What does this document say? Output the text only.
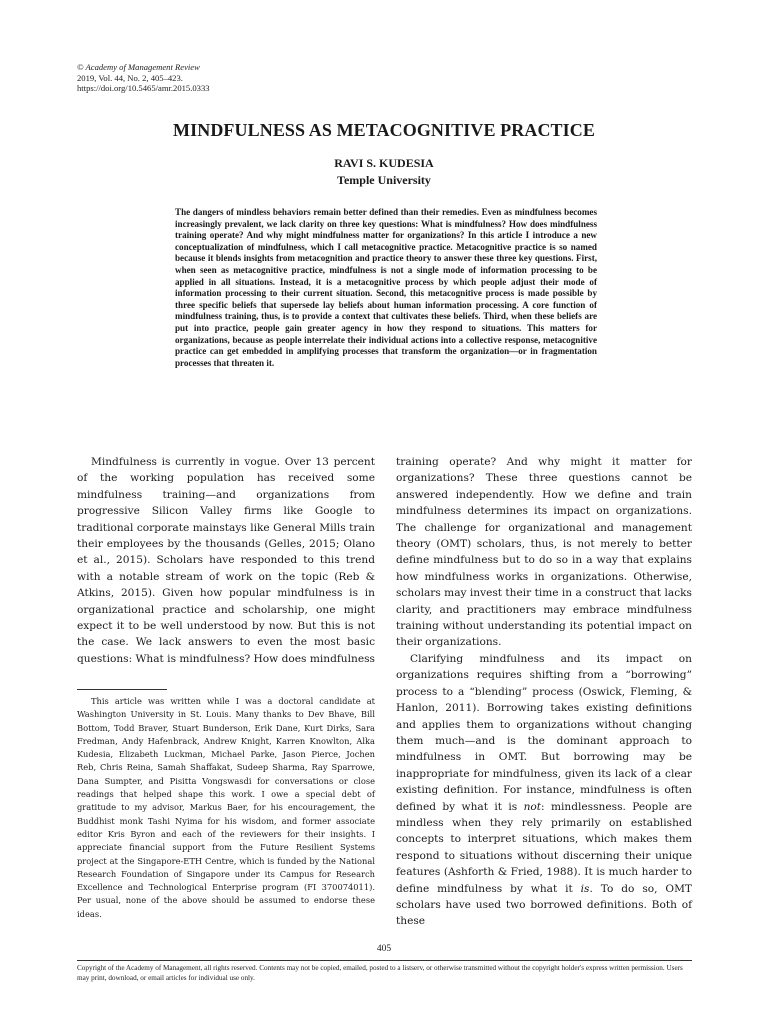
© Academy of Management Review
2019, Vol. 44, No. 2, 405–423.
https://doi.org/10.5465/amr.2015.0333
MINDFULNESS AS METACOGNITIVE PRACTICE
RAVI S. KUDESIA
Temple University
The dangers of mindless behaviors remain better defined than their remedies. Even as mindfulness becomes increasingly prevalent, we lack clarity on three key questions: What is mindfulness? How does mindfulness training operate? And why might mindfulness matter for organizations? In this article I introduce a new conceptualization of mindfulness, which I call metacognitive practice. Metacognitive practice is so named because it blends insights from metacognition and practice theory to answer these three key questions. First, when seen as metacognitive practice, mindfulness is not a single mode of information processing to be applied in all situations. Instead, it is a metacognitive process by which people adjust their mode of information processing to their current situation. Second, this metacognitive process is made possible by three specific beliefs that supersede lay beliefs about human information processing. A core function of mindfulness training, thus, is to provide a context that cultivates these beliefs. Third, when these beliefs are put into practice, people gain greater agency in how they respond to situations. This matters for organizations, because as people interrelate their individual actions into a collective response, metacognitive practice can get embedded in amplifying processes that transform the organization—or in fragmentation processes that threaten it.

Mindfulness is currently in vogue. Over 13 percent of the working population has received some mindfulness training—and organizations from progressive Silicon Valley firms like Google to traditional corporate mainstays like General Mills train their employees by the thousands (Gelles, 2015; Olano et al., 2015). Scholars have responded to this trend with a notable stream of work on the topic (Reb & Atkins, 2015). Given how popular mindfulness is in organizational practice and scholarship, one might expect it to be well understood by now. But this is not the case. We lack answers to even the most basic questions: What is mindfulness? How does mindfulness

This article was written while I was a doctoral candidate at Washington University in St. Louis. Many thanks to Dev Bhave, Bill Bottom, Todd Braver, Stuart Bunderson, Erik Dane, Kurt Dirks, Sara Fredman, Andy Hafenbrack, Andrew Knight, Karren Knowlton, Alka Kudesia, Elizabeth Luckman, Michael Parke, Jason Pierce, Jochen Reb, Chris Reina, Samah Shaffakat, Sudeep Sharma, Ray Sparrowe, Dana Sumpter, and Pisitta Vongswasdi for conversations or close readings that helped shape this work. I owe a special debt of gratitude to my advisor, Markus Baer, for his encouragement, the Buddhist monk Tashi Nyima for his wisdom, and former associate editor Kris Byron and each of the reviewers for their insights. I appreciate financial support from the Future Resilient Systems project at the Singapore-ETH Centre, which is funded by the National Research Foundation of Singapore under its Campus for Research Excellence and Technological Enterprise program (FI 370074011). Per usual, none of the above should be assumed to endorse these ideas.

training operate? And why might it matter for organizations? These three questions cannot be answered independently. How we define and train mindfulness determines its impact on organizations. The challenge for organizational and management theory (OMT) scholars, thus, is not merely to better define mindfulness but to do so in a way that explains how mindfulness works in organizations. Otherwise, scholars may invest their time in a construct that lacks clarity, and practitioners may embrace mindfulness training without understanding its potential impact on their organizations.

Clarifying mindfulness and its impact on organizations requires shifting from a “borrowing” process to a “blending” process (Oswick, Fleming, & Hanlon, 2011). Borrowing takes existing definitions and applies them to organizations without changing them much—and is the dominant approach to mindfulness in OMT. But borrowing may be inappropriate for mindfulness, given its lack of a clear existing definition. For instance, mindfulness is often defined by what it is not: mindlessness. People are mindless when they rely primarily on established concepts to interpret situations, which makes them respond to situations without discerning their unique features (Ashforth & Fried, 1988). It is much harder to define mindfulness by what it is. To do so, OMT scholars have used two borrowed definitions. Both of these

405
Copyright of the Academy of Management, all rights reserved. Contents may not be copied, emailed, posted to a listserv, or otherwise transmitted without the copyright holder's express written permission. Users may print, download, or email articles for individual use only.
